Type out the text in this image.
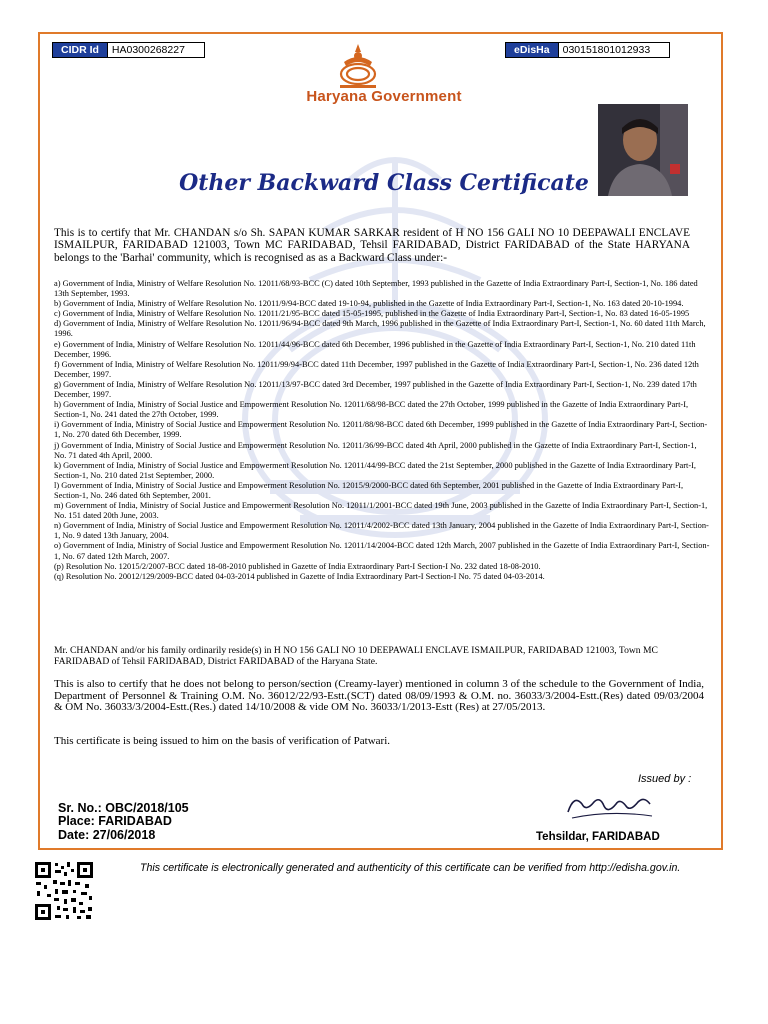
CIDR Id	HA0300268227	eDisHa	030151801012933
Haryana Government
Other Backward Class Certificate
This is to certify that Mr. CHANDAN s/o Sh. SAPAN KUMAR SARKAR resident of H NO 156 GALI NO 10 DEEPAWALI ENCLAVE ISMAILPUR, FARIDABAD 121003, Town MC FARIDABAD, Tehsil FARIDABAD, District FARIDABAD of the State HARYANA belongs to the 'Barhai' community, which is recognised as as a Backward Class under:-
a) Government of India, Ministry of Welfare Resolution No. 12011/68/93-BCC (C) dated 10th September, 1993 published in the Gazette of India Extraordinary Part-I, Section-1, No. 186 dated 13th September, 1993.
b) Government of India, Ministry of Welfare Resolution No. 12011/9/94-BCC dated 19-10-94, published in the Gazette of India Extraordinary Part-I, Section-1, No. 163 dated 20-10-1994.
c) Government of India, Ministry of Welfare Resolution No. 12011/21/95-BCC dated 15-05-1995, published in the Gazette of India Extraordinary Part-I, Section-1, No. 83 dated 16-05-1995
d) Government of India, Ministry of Welfare Resolution No. 12011/96/94-BCC dated 9th March, 1996 published in the Gazette of India Extraordinary Part-I, Section-1, No. 60 dated 11th March, 1996.
e) Government of India, Ministry of Welfare Resolution No. 12011/44/96-BCC dated 6th December, 1996 published in the Gazette of India Extraordinary Part-I, Section-1, No. 210 dated 11th December, 1996.
f) Government of India, Ministry of Welfare Resolution No. 12011/99/94-BCC dated 11th December, 1997 published in the Gazette of India Extraordinary Part-I, Section-1, No. 236 dated 12th December, 1997.
g) Government of India, Ministry of Welfare Resolution No. 12011/13/97-BCC dated 3rd December, 1997 published in the Gazette of India Extraordinary Part-I, Section-1, No. 239 dated 17th December, 1997.
h) Government of India, Ministry of Social Justice and Empowerment Resolution No. 12011/68/98-BCC dated the 27th October, 1999 published in the Gazette of India Extraordinary Part-I, Section-1, No. 241 dated the 27th October, 1999.
i) Government of India, Ministry of Social Justice and Empowerment Resolution No. 12011/88/98-BCC dated 6th December, 1999 published in the Gazette of India Extraordinary Part-I, Section-1, No. 270 dated 6th December, 1999.
j) Government of India, Ministry of Social Justice and Empowerment Resolution No. 12011/36/99-BCC dated 4th April, 2000 published in the Gazette of India Extraordinary Part-I, Section-1, No. 71 dated 4th April, 2000.
k) Government of India, Ministry of Social Justice and Empowerment Resolution No. 12011/44/99-BCC dated the 21st September, 2000 published in the Gazette of India Extraordinary Part-I, Section-1, No. 210 dated 21st September, 2000.
l) Government of India, Ministry of Social Justice and Empowerment Resolution No. 12015/9/2000-BCC dated 6th September, 2001 published in the Gazette of India Extraordinary Part-I, Section-1, No. 246 dated 6th September, 2001.
m) Government of India, Ministry of Social Justice and Empowerment Resolution No. 12011/1/2001-BCC dated 19th June, 2003 published in the Gazette of India Extraordinary Part-I, Section-1, No. 151 dated 20th June, 2003.
n) Government of India, Ministry of Social Justice and Empowerment Resolution No. 12011/4/2002-BCC dated 13th January, 2004 published in the Gazette of India Extraordinary Part-I, Section-1, No. 9 dated 13th January, 2004.
o) Government of India, Ministry of Social Justice and Empowerment Resolution No. 12011/14/2004-BCC dated 12th March, 2007 published in the Gazette of India Extraordinary Part-I, Section-1, No. 67 dated 12th March, 2007.
(p) Resolution No. 12015/2/2007-BCC dated 18-08-2010 published in Gazette of India Extraordinary Part-I Section-I No. 232 dated 18-08-2010.
(q) Resolution No. 20012/129/2009-BCC dated 04-03-2014 published in Gazette of India Extraordinary Part-I Section-I No. 75 dated 04-03-2014.
Mr. CHANDAN and/or his family ordinarily reside(s) in H NO 156 GALI NO 10 DEEPAWALI ENCLAVE ISMAILPUR, FARIDABAD 121003, Town MC FARIDABAD of Tehsil FARIDABAD, District FARIDABAD of the Haryana State.
This is also to certify that he does not belong to person/section (Creamy-layer) mentioned in column 3 of the schedule to the Government of India, Department of Personnel & Training O.M. No. 36012/22/93-Estt.(SCT) dated 08/09/1993 & O.M. no. 36033/3/2004-Estt.(Res) dated 09/03/2004 & OM No. 36033/3/2004-Estt.(Res.) dated 14/10/2008 & vide OM No. 36033/1/2013-Estt (Res) at 27/05/2013.
This certificate is being issued to him on the basis of verification of Patwari.
Issued by :
Sr. No.: OBC/2018/105
Place: FARIDABAD
Date: 27/06/2018	Tehsildar, FARIDABAD
This certificate is electronically generated and authenticity of this certificate can be verified from http://edisha.gov.in.
